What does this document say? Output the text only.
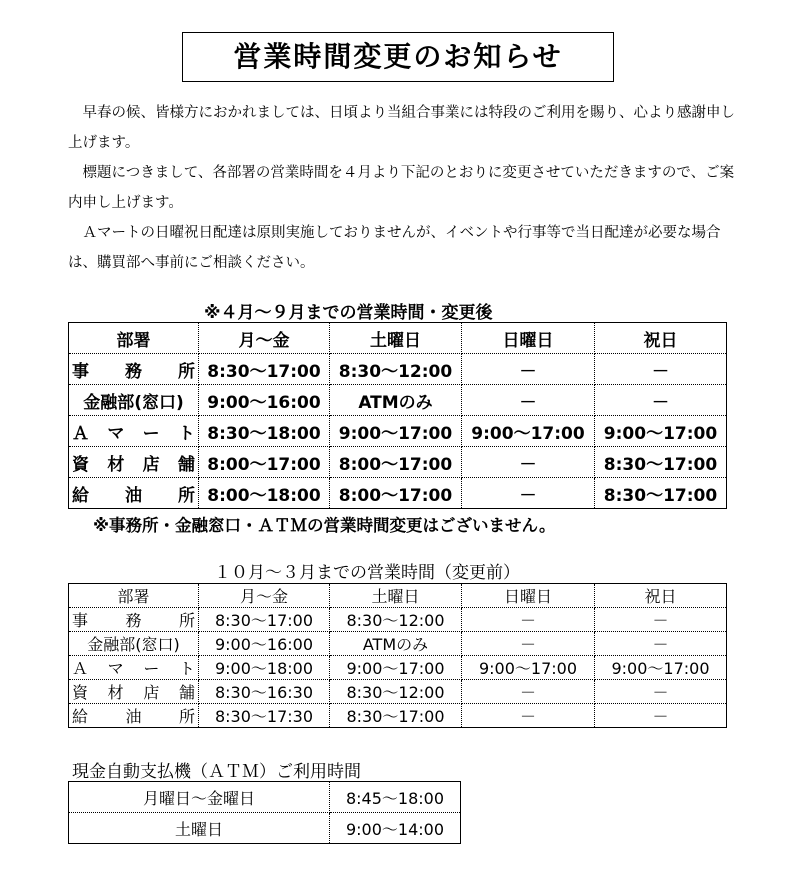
営業時間変更のお知らせ

早春の候、皆様方におかれましては、日頃より当組合事業には特段のご利用を賜り、心より感謝申し上げます。

標題につきまして、各部署の営業時間を４月より下記のとおりに変更させていただきますので、ご案内申し上げます。

Ａマートの日曜祝日配達は原則実施しておりませんが、イベントや行事等で当日配達が必要な場合は、購買部へ事前にご相談ください。

※４月～９月までの営業時間・変更後
部署	月～金	土曜日	日曜日	祝日
事務所	8:30～17:00	8:30～12:00	－	－
金融部(窓口)	9:00～16:00	ATMのみ	－	－
Ａマート	8:30～18:00	9:00～17:00	9:00～17:00	9:00～17:00
資材店舗	8:00～17:00	8:00～17:00	－	8:30～17:00
給油所	8:00～18:00	8:00～17:00	－	8:30～17:00
※事務所・金融窓口・ＡＴＭの営業時間変更はございません。
１０月～３月までの営業時間（変更前）
部署	月～金	土曜日	日曜日	祝日
事務所	8:30～17:00	8:30～12:00	－	－
金融部(窓口)	9:00～16:00	ATMのみ	－	－
Ａマート	9:00～18:00	9:00～17:00	9:00～17:00	9:00～17:00
資材店舗	8:30～16:30	8:30～12:00	－	－
給油所	8:30～17:30	8:30～17:00	－	－
現金自動支払機（ＡＴＭ）ご利用時間
月曜日～金曜日	8:45～18:00
土曜日	9:00～14:00
